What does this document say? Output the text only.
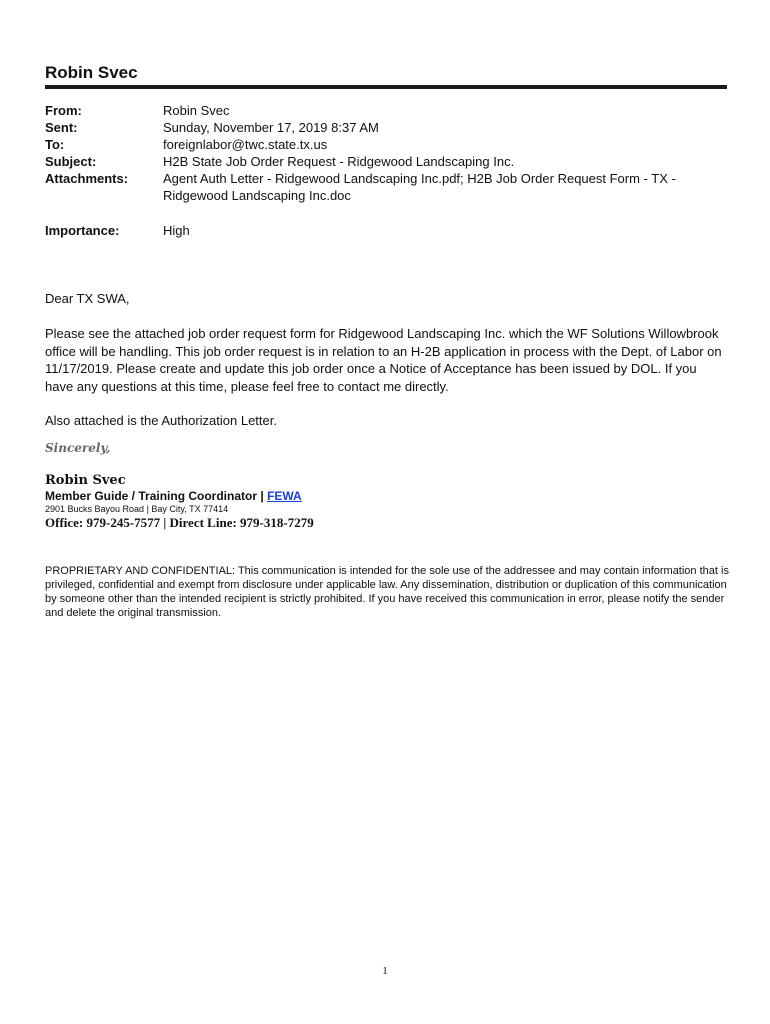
Robin Svec
From:	Robin Svec
Sent:	Sunday, November 17, 2019 8:37 AM
To:	foreignlabor@twc.state.tx.us
Subject:	H2B State Job Order Request - Ridgewood Landscaping Inc.
Attachments:	Agent Auth Letter - Ridgewood Landscaping Inc.pdf; H2B Job Order Request Form - TX - Ridgewood Landscaping Inc.doc
Importance:	High
Dear TX SWA,
Please see the attached job order request form for Ridgewood Landscaping Inc. which the WF Solutions Willowbrook office will be handling. This job order request is in relation to an H-2B application in process with the Dept. of Labor on 11/17/2019. Please create and update this job order once a Notice of Acceptance has been issued by DOL. If you have any questions at this time, please feel free to contact me directly.
Also attached is the Authorization Letter.
Sincerely,
Robin Svec
Member Guide / Training Coordinator | FEWA
2901 Bucks Bayou Road | Bay City, TX 77414
Office: 979-245-7577 | Direct Line: 979-318-7279
PROPRIETARY AND CONFIDENTIAL: This communication is intended for the sole use of the addressee and may contain information that is privileged, confidential and exempt from disclosure under applicable law. Any dissemination, distribution or duplication of this communication by someone other than the intended recipient is strictly prohibited. If you have received this communication in error, please notify the sender and delete the original transmission.
1
